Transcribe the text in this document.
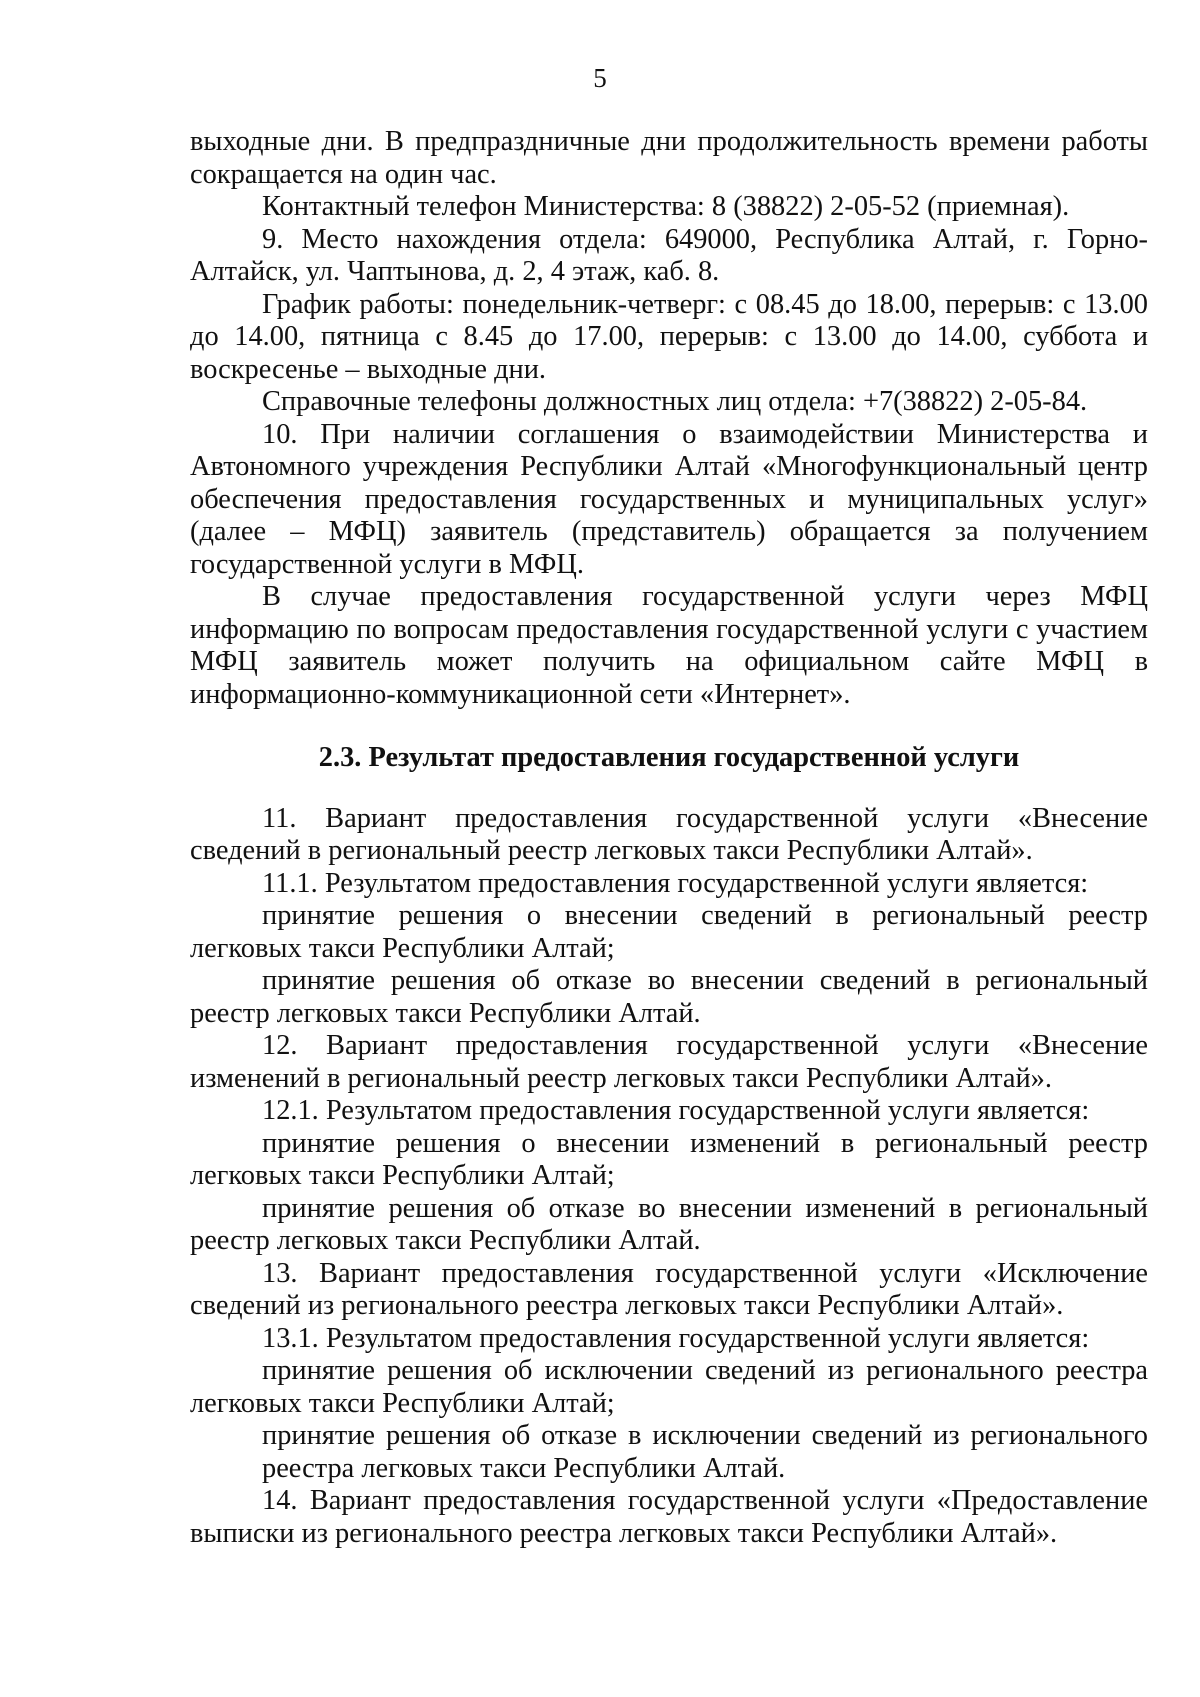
5

выходные дни. В предпраздничные дни продолжительность времени работы сокращается на один час.

Контактный телефон Министерства: 8 (38822) 2-05-52 (приемная).

9. Место нахождения отдела: 649000, Республика Алтай, г. Горно-Алтайск, ул. Чаптынова, д. 2, 4 этаж, каб. 8.

График работы: понедельник-четверг: с 08.45 до 18.00, перерыв: с 13.00 до 14.00, пятница с 8.45 до 17.00, перерыв: с 13.00 до 14.00, суббота и воскресенье – выходные дни.

Справочные телефоны должностных лиц отдела: +7(38822) 2-05-84.

10. При наличии соглашения о взаимодействии Министерства и Автономного учреждения Республики Алтай «Многофункциональный центр обеспечения предоставления государственных и муниципальных услуг» (далее – МФЦ) заявитель (представитель) обращается за получением государственной услуги в МФЦ.

В случае предоставления государственной услуги через МФЦ информацию по вопросам предоставления государственной услуги с участием МФЦ заявитель может получить на официальном сайте МФЦ в информационно-коммуникационной сети «Интернет».

2.3. Результат предоставления государственной услуги

11. Вариант предоставления государственной услуги «Внесение сведений в региональный реестр легковых такси Республики Алтай».

11.1. Результатом предоставления государственной услуги является:

принятие решения о внесении сведений в региональный реестр легковых такси Республики Алтай;

принятие решения об отказе во внесении сведений в региональный реестр легковых такси Республики Алтай.

12. Вариант предоставления государственной услуги «Внесение изменений в региональный реестр легковых такси Республики Алтай».

12.1. Результатом предоставления государственной услуги является:

принятие решения о внесении изменений в региональный реестр легковых такси Республики Алтай;

принятие решения об отказе во внесении изменений в региональный реестр легковых такси Республики Алтай.

13. Вариант предоставления государственной услуги «Исключение сведений из регионального реестра легковых такси Республики Алтай».

13.1. Результатом предоставления государственной услуги является:

принятие решения об исключении сведений из регионального реестра легковых такси Республики Алтай;

принятие решения об отказе в исключении сведений из регионального реестра легковых такси Республики Алтай.

14. Вариант предоставления государственной услуги «Предоставление выписки из регионального реестра легковых такси Республики Алтай».
